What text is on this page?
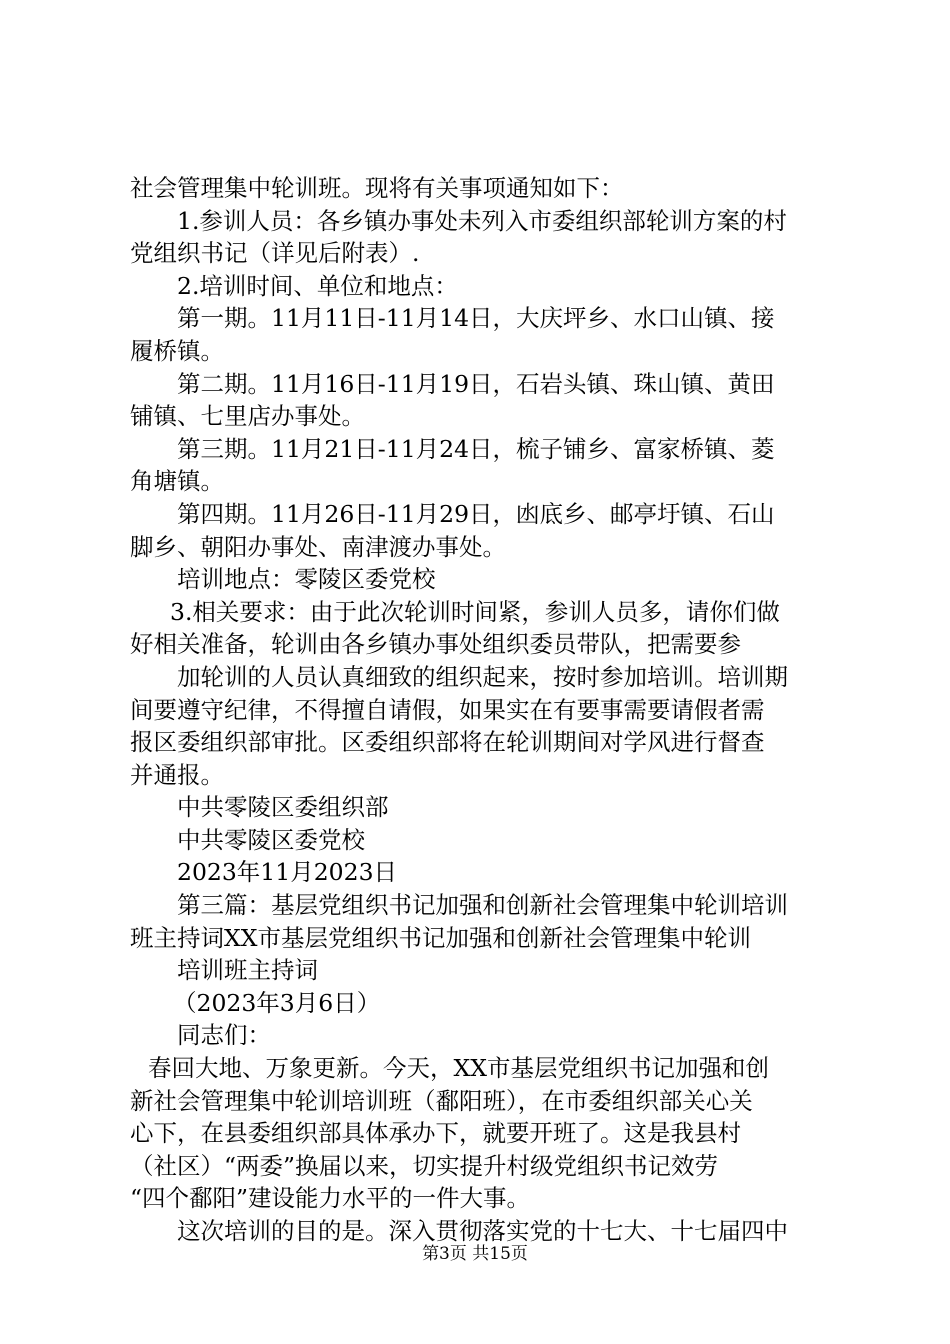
社会管理集中轮训班。现将有关事项通知如下：
1.参训人员：各乡镇办事处未列入市委组织部轮训方案的村
党组织书记（详见后附表）.
2.培训时间、单位和地点：
第一期。11月11日-11月14日，大庆坪乡、水口山镇、接
履桥镇。
第二期。11月16日-11月19日，石岩头镇、珠山镇、黄田
铺镇、七里店办事处。
第三期。11月21日-11月24日，梳子铺乡、富家桥镇、菱
角塘镇。
第四期。11月26日-11月29日，凼底乡、邮亭圩镇、石山
脚乡、朝阳办事处、南津渡办事处。
培训地点：零陵区委党校
3.相关要求：由于此次轮训时间紧，参训人员多，请你们做
好相关准备，轮训由各乡镇办事处组织委员带队，把需要参
加轮训的人员认真细致的组织起来，按时参加培训。培训期
间要遵守纪律，不得擅自请假，如果实在有要事需要请假者需
报区委组织部审批。区委组织部将在轮训期间对学风进行督查
并通报。
中共零陵区委组织部
中共零陵区委党校
2023年11月2023日
第三篇：基层党组织书记加强和创新社会管理集中轮训培训
班主持词XX市基层党组织书记加强和创新社会管理集中轮训
培训班主持词
（2023年3月6日）
同志们：
春回大地、万象更新。今天，XX市基层党组织书记加强和创
新社会管理集中轮训培训班（鄱阳班），在市委组织部关心关
心下，在县委组织部具体承办下，就要开班了。这是我县村
（社区）“两委”换届以来，切实提升村级党组织书记效劳
“四个鄱阳”建设能力水平的一件大事。
这次培训的目的是。深入贯彻落实党的十七大、十七届四中
第3页 共15页
